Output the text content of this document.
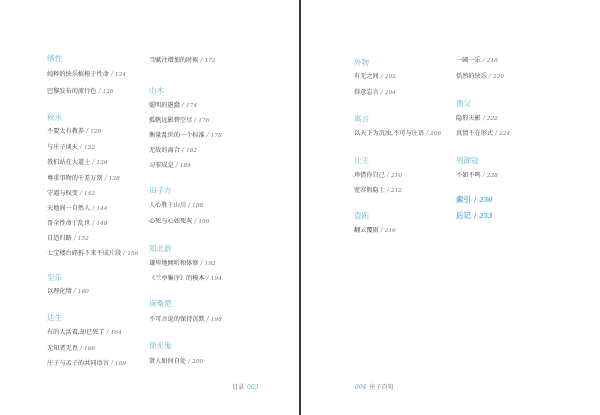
缮性
纯粹的快乐植根于性命 / 124
巴黎发布的流行色 / 126
秋水
不要太有教养 / 128
与庄子谈天 / 132
我们站在大道上 / 136
尊重事物的千差万别 / 138
守道与权变 / 142
天地间一自然人 / 144
哥全性命于乱世 / 148
自适归路 / 152
七宝楼台碎拆下来不成片段 / 156
至乐
以理化情 / 160
达生
有的人活着,却已死了 / 164
无知者无畏 / 166
庄子与孟子的共同语言 / 168
当赋注增加的时候 / 172
山木
聪明的愚蠢 / 174
孤帆远影碧空尽 / 176
衡量乱世的一个标准 / 178
无故的离合 / 182
习非成是 / 184
田子方
人心胜于山川 / 186
心死与心如死灰 / 190
知北游
谦卑地倾听和体察 / 192
《兰亭集序》的模本 / 194
庚桑楚
不可言说的保持沉默 / 198
徐无鬼
贤人如何自处 / 200
目录 003
外物
有无之间 / 202
得意忘言 / 204
寓言
以天下为沉浊,不可与庄语 / 206
让王
珍惜你自己 / 210
宽容假隐士 / 212
盗跖
翻云覆雨 / 216
一阔一乐 / 218
恬然的快乐 / 220
渔父
隐形天影 / 222
真情不在形式 / 224
列御寇
不如不鸣 / 228
索引 / 230
后记 / 253
004 庄子百句
